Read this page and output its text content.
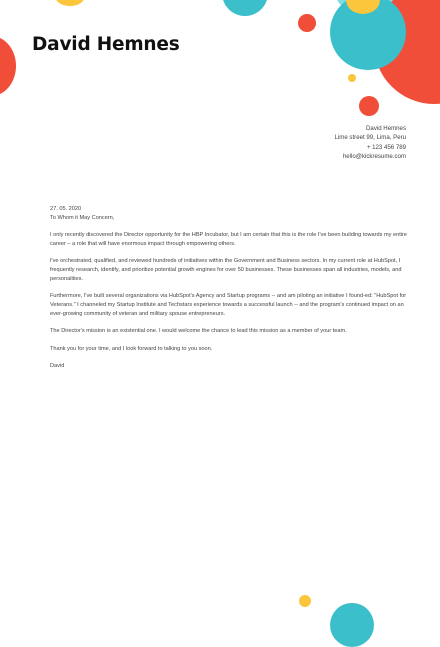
David Hemnes
David Hemnes
Lime street 99, Lima, Peru
+ 123 456 789
hello@kickresume.com

27. 05. 2020

To Whom it May Concern,

I only recently discovered the Director opportunity for the HBP Incubator, but I am certain that this is the role I've been building towards my entire career – a role that will have enormous impact through empowering others.

I've orchestrated, qualified, and reviewed hundreds of initiatives within the Government and Business sectors. In my current role at HubSpot, I frequently research, identify, and prioritize potential growth engines for over 50 businesses. These businesses span all industries, models, and personalities.

Furthermore, I've built several organizations via HubSpot's Agency and Startup programs -- and am piloting an initiative I found-ed: "HubSpot for Veterans." I channeled my Startup Institute and Techstars experience towards a successful launch -- and the program's continued impact on an ever-growing community of veteran and military spouse entrepreneurs.

The Director's mission is an existential one. I would welcome the chance to lead this mission as a member of your team.

Thank you for your time, and I look forward to talking to you soon.

David
